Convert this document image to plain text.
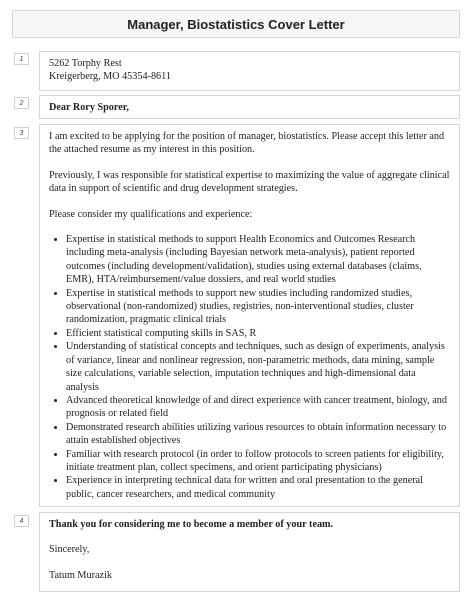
Manager, Biostatistics Cover Letter
1	5262 Torphy Rest

Kreigerberg, MO 45354-8611

2	Dear Rory Sporer,

3	I am excited to be applying for the position of manager, biostatistics. Please accept this letter and the attached resume as my interest in this position.

Previously, I was responsible for statistical expertise to maximizing the value of aggregate clinical data in support of scientific and drug development strategies.

Please consider my qualifications and experience:

• Expertise in statistical methods to support Health Economics and Outcomes Research including meta-analysis (including Bayesian network meta-analysis), patient reported outcomes (including development/validation), studies using external databases (claims, EMR), HTA/reimbursement/value dossiers, and real world studies
• Expertise in statistical methods to support new studies including randomized studies, observational (non-randomized) studies, registries, non-interventional studies, cluster randomization, pragmatic clinical trials
• Efficient statistical computing skills in SAS, R
• Understanding of statistical concepts and techniques, such as design of experiments, analysis of variance, linear and nonlinear regression, non-parametric methods, data mining, sample size calculations, variable selection, imputation techniques and high-dimensional data analysis
• Advanced theoretical knowledge of and direct experience with cancer treatment, biology, and prognosis or related field
• Demonstrated research abilities utilizing various resources to obtain information necessary to attain established objectives
• Familiar with research protocol (in order to follow protocols to screen patients for eligibility, initiate treatment plan, collect specimens, and orient participating physicians)
• Experience in interpreting technical data for written and oral presentation to the general public, cancer researchers, and medical community
4	Thank you for considering me to become a member of your team.

Sincerely,

Tatum Murazik
